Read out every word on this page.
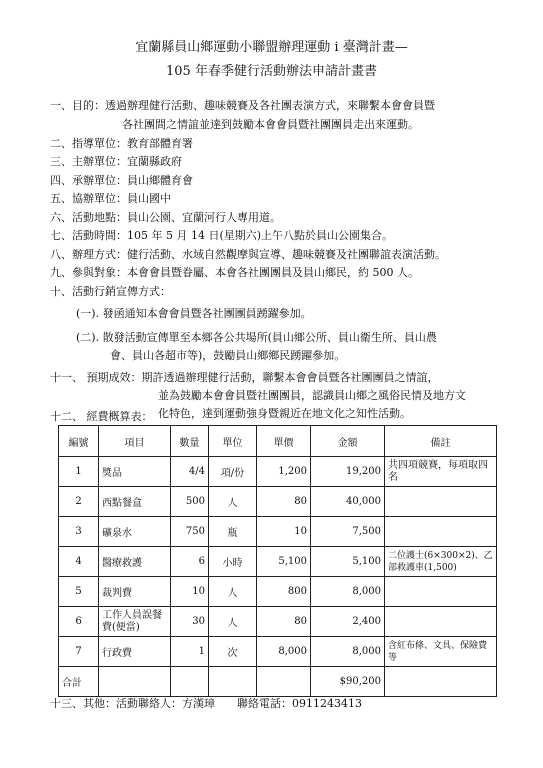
宜蘭縣員山鄉運動小聯盟辦理運動 i 臺灣計畫—
105 年春季健行活動辦法申請計畫書
一、目的：透過辦理健行活動、趣味競賽及各社團表演方式，來聯繫本會會員暨
各社團間之情誼並達到鼓勵本會會員暨社團團員走出來運動。
二、指導單位：教育部體育署
三、主辦單位：宜蘭縣政府
四、承辦單位：員山鄉體育會
五、協辦單位：員山國中
六、活動地點：員山公園、宜蘭河行人專用道。
七、活動時間：105 年 5 月 14 日(星期六)上午八點於員山公園集合。
八、辦理方式：健行活動、水域自然觀摩與宣導、趣味競賽及社團聯誼表演活動。
九、參與對象：本會會員暨眷屬、本會各社團團員及員山鄉民，約 500 人。
十、活動行銷宣傳方式：
(一). 發函通知本會會員暨各社團團員踴躍參加。
(二). 散發活動宣傳單至本鄉各公共場所(員山鄉公所、員山衛生所、員山農
會、員山各超市等)，鼓勵員山鄉鄉民踴躍參加。
十一、 預期成效：期許透過辦理健行活動，聯繫本會會員暨各社團團員之情誼，
並為鼓勵本會會員暨社團團員，認識員山鄉之風俗民情及地方文
化特色，達到運動強身暨親近在地文化之知性活動。
十二、 經費概算表：
編號	項目	數量	單位	單價	金額	備註
1	獎品	4/4	項/份	1,200	19,200	共四項競賽，每項取四名
2	西點餐盒	500	人	80	40,000	
3	礦泉水	750	瓶	10	7,500	
4	醫療救護	6	小時	5,100	5,100	二位護士(6×300×2)、乙部救護車(1,500)
5	裁判費	10	人	800	8,000	
6	工作人員誤餐費(便當)	30	人	80	2,400	
7	行政費	1	次	8,000	8,000	含紅布條、文具、保險費等
合計					$90,200	
十三、其他：活動聯絡人：方漢璋　　聯絡電話：0911243413
